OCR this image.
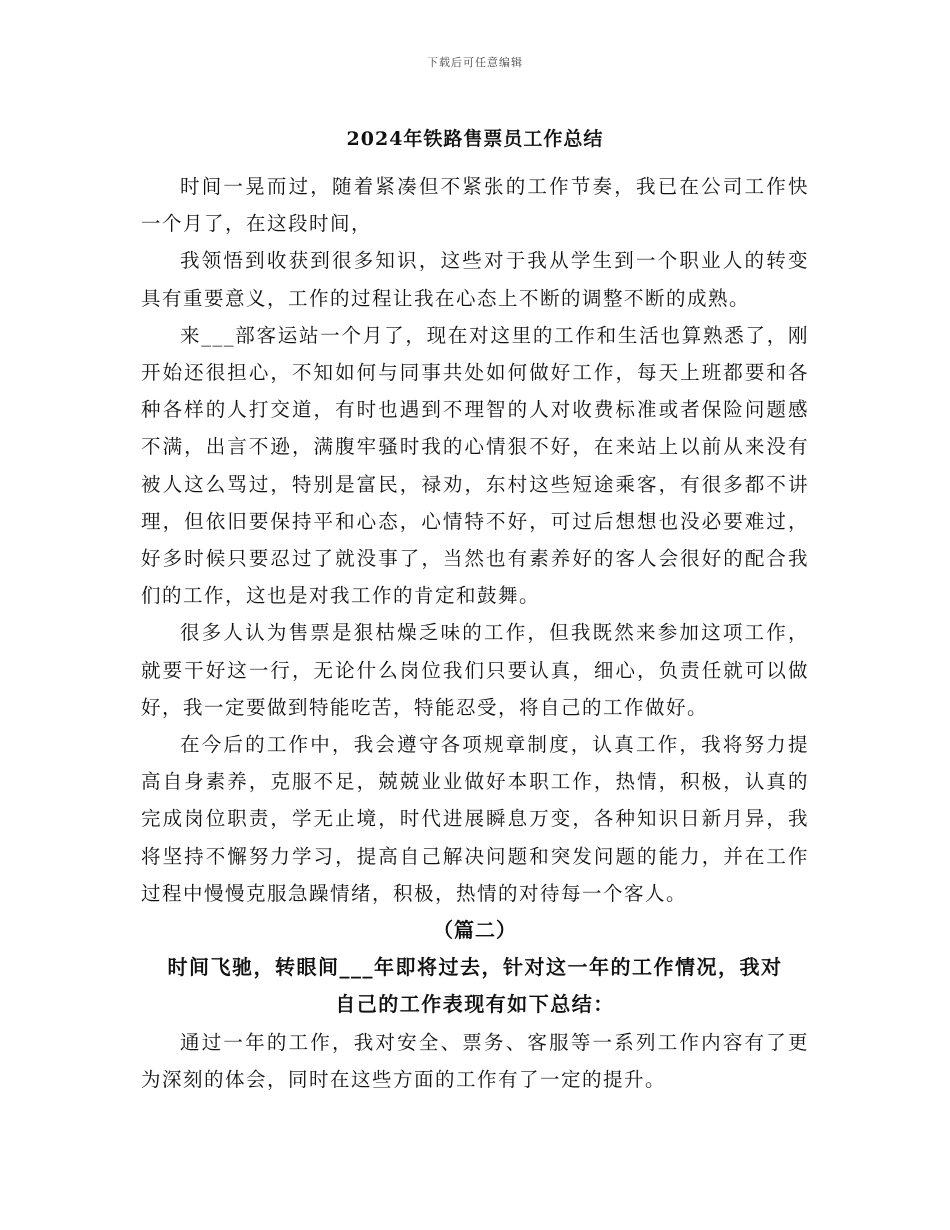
下载后可任意编辑
2024年铁路售票员工作总结

时间一晃而过，随着紧凑但不紧张的工作节奏，我已在公司工作快一个月了，在这段时间，

我领悟到收获到很多知识，这些对于我从学生到一个职业人的转变具有重要意义，工作的过程让我在心态上不断的调整不断的成熟。

来___部客运站一个月了，现在对这里的工作和生活也算熟悉了，刚开始还很担心，不知如何与同事共处如何做好工作，每天上班都要和各种各样的人打交道，有时也遇到不理智的人对收费标准或者保险问题感不满，出言不逊，满腹牢骚时我的心情狠不好，在来站上以前从来没有被人这么骂过，特别是富民，禄劝，东村这些短途乘客，有很多都不讲理，但依旧要保持平和心态，心情特不好，可过后想想也没必要难过，好多时候只要忍过了就没事了，当然也有素养好的客人会很好的配合我们的工作，这也是对我工作的肯定和鼓舞。

很多人认为售票是狠枯燥乏味的工作，但我既然来参加这项工作，就要干好这一行，无论什么岗位我们只要认真，细心，负责任就可以做好，我一定要做到特能吃苦，特能忍受，将自己的工作做好。

在今后的工作中，我会遵守各项规章制度，认真工作，我将努力提高自身素养，克服不足，兢兢业业做好本职工作，热情，积极，认真的完成岗位职责，学无止境，时代进展瞬息万变，各种知识日新月异，我将坚持不懈努力学习，提高自己解决问题和突发问题的能力，并在工作过程中慢慢克服急躁情绪，积极，热情的对待每一个客人。

（篇二）

时间飞驰，转眼间___年即将过去，针对这一年的工作情况，我对

自己的工作表现有如下总结：

通过一年的工作，我对安全、票务、客服等一系列工作内容有了更为深刻的体会，同时在这些方面的工作有了一定的提升。
